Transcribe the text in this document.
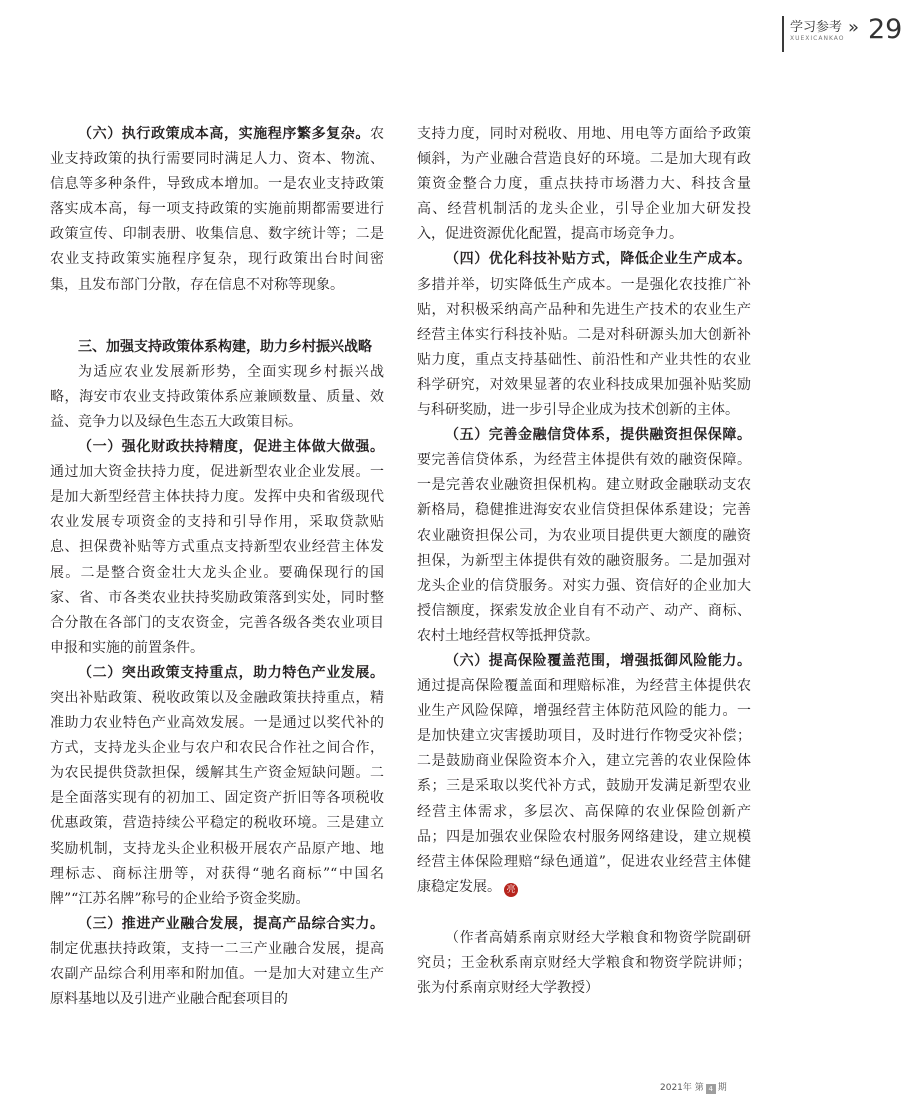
学习参考
XUEXICANKAO
» 29

（六）执行政策成本高，实施程序繁多复杂。农业支持政策的执行需要同时满足人力、资本、物流、信息等多种条件，导致成本增加。一是农业支持政策落实成本高，每一项支持政策的实施前期都需要进行政策宣传、印制表册、收集信息、数字统计等；二是农业支持政策实施程序复杂，现行政策出台时间密集，且发布部门分散，存在信息不对称等现象。

三、加强支持政策体系构建，助力乡村振兴战略

为适应农业发展新形势，全面实现乡村振兴战略，海安市农业支持政策体系应兼顾数量、质量、效益、竞争力以及绿色生态五大政策目标。

（一）强化财政扶持精度，促进主体做大做强。通过加大资金扶持力度，促进新型农业企业发展。一是加大新型经营主体扶持力度。发挥中央和省级现代农业发展专项资金的支持和引导作用，采取贷款贴息、担保费补贴等方式重点支持新型农业经营主体发展。二是整合资金壮大龙头企业。要确保现行的国家、省、市各类农业扶持奖励政策落到实处，同时整合分散在各部门的支农资金，完善各级各类农业项目申报和实施的前置条件。

（二）突出政策支持重点，助力特色产业发展。突出补贴政策、税收政策以及金融政策扶持重点，精准助力农业特色产业高效发展。一是通过以奖代补的方式，支持龙头企业与农户和农民合作社之间合作，为农民提供贷款担保，缓解其生产资金短缺问题。二是全面落实现有的初加工、固定资产折旧等各项税收优惠政策，营造持续公平稳定的税收环境。三是建立奖励机制，支持龙头企业积极开展农产品原产地、地理标志、商标注册等，对获得“驰名商标”“中国名牌”“江苏名牌”称号的企业给予资金奖励。

（三）推进产业融合发展，提高产品综合实力。制定优惠扶持政策，支持一二三产业融合发展，提高农副产品综合利用率和附加值。一是加大对建立生产原料基地以及引进产业融合配套项目的

支持力度，同时对税收、用地、用电等方面给予政策倾斜，为产业融合营造良好的环境。二是加大现有政策资金整合力度，重点扶持市场潜力大、科技含量高、经营机制活的龙头企业，引导企业加大研发投入，促进资源优化配置，提高市场竞争力。

（四）优化科技补贴方式，降低企业生产成本。多措并举，切实降低生产成本。一是强化农技推广补贴，对积极采纳高产品种和先进生产技术的农业生产经营主体实行科技补贴。二是对科研源头加大创新补贴力度，重点支持基础性、前沿性和产业共性的农业科学研究，对效果显著的农业科技成果加强补贴奖励与科研奖励，进一步引导企业成为技术创新的主体。

（五）完善金融信贷体系，提供融资担保保障。要完善信贷体系，为经营主体提供有效的融资保障。一是完善农业融资担保机构。建立财政金融联动支农新格局，稳健推进海安农业信贷担保体系建设；完善农业融资担保公司，为农业项目提供更大额度的融资担保，为新型主体提供有效的融资服务。二是加强对龙头企业的信贷服务。对实力强、资信好的企业加大授信额度，探索发放企业自有不动产、动产、商标、农村土地经营权等抵押贷款。

（六）提高保险覆盖范围，增强抵御风险能力。通过提高保险覆盖面和理赔标准，为经营主体提供农业生产风险保障，增强经营主体防范风险的能力。一是加快建立灾害援助项目，及时进行作物受灾补偿；二是鼓励商业保险资本介入，建立完善的农业保险体系；三是采取以奖代补方式，鼓励开发满足新型农业经营主体需求，多层次、高保障的农业保险创新产品；四是加强农业保险农村服务网络建设，建立规模经营主体保险理赔“绿色通道”，促进农业经营主体健康稳定发展。 亮

（作者高婧系南京财经大学粮食和物资学院副研究员；王金秋系南京财经大学粮食和物资学院讲师；张为付系南京财经大学教授）

2021年 第 4 期
